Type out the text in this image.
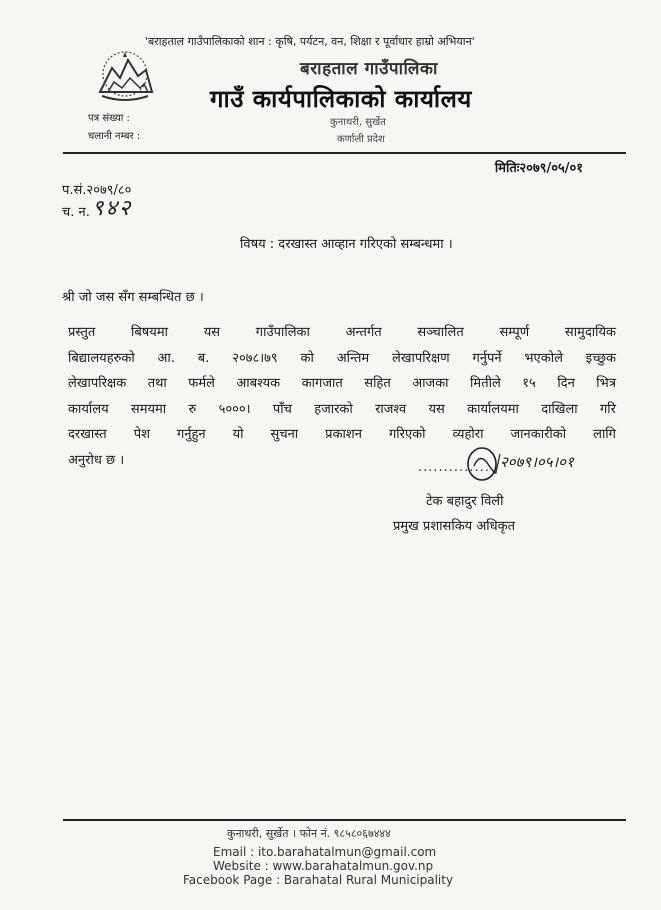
'बराहताल गाउँपालिकाको शान : कृषि, पर्यटन, वन, शिक्षा र पूर्वाधार हाम्रो अभियान'
बराहताल गाउँपालिका
गाउँ कार्यपालिकाको कार्यालय
पत्र संख्या :
चलानी नम्बर :
कुनाथरी, सुर्खेत
कर्णाली प्रदेश
मितिः२०७९/०५/०१
प.सं.२०७९/८०
च. न. ९४२
विषय : दरखास्त आव्हान गरिएको सम्बन्धमा ।
श्री जो जस सँग सम्बन्धित छ ।
प्रस्तुत बिषयमा यस गाउँपालिका अन्तर्गत सञ्चालित सम्पूर्ण सामुदायिक
बिद्यालयहरुको आ. ब. २०७८।७९ को अन्तिम लेखापरिक्षण गर्नुपर्ने भएकोले इच्छुक
लेखापरिक्षक तथा फर्मले आबश्यक कागजात सहित आजका मितीले १५ दिन भित्र
कार्यालय समयमा रु ५०००। पाँच हजारको राजश्व यस कार्यालयमा दाखिला गरि
दरखास्त पेश गर्नुहुन यो सुचना प्रकाशन गरिएको व्यहोरा जानकारीको लागि
अनुरोध छ ।	.............. २०७९।०५।०१
टेक बहादुर विली
प्रमुख प्रशासकिय अधिकृत
कुनाथरी, सुर्खेत । फोन नं. ९८५८०६७४४४
Email : ito.barahatalmun@gmail.com
Website : www.barahatalmun.gov.np
Facebook Page : Barahatal Rural Municipality
